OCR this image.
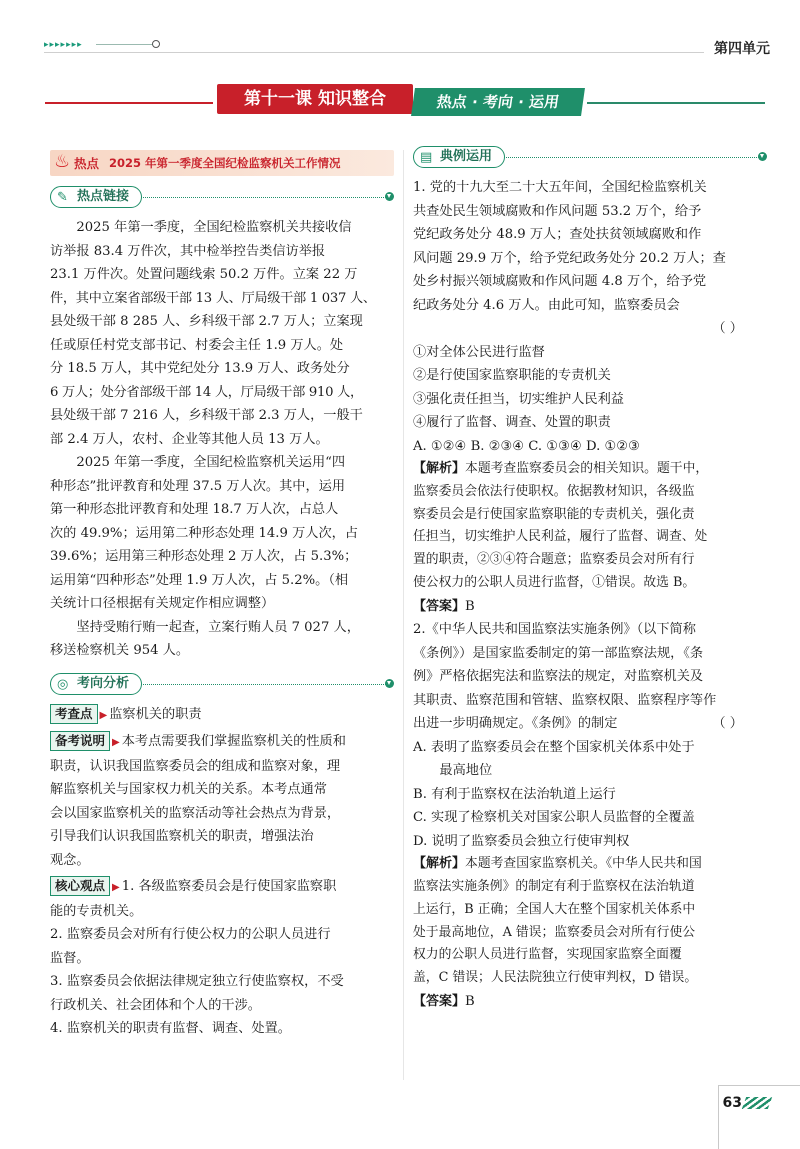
▸▸▸▸▸▸▸	第四单元
第十一课 知识整合	热点 · 考向 · 运用
♨ 热点 2025 年第一季度全国纪检监察机关工作情况
✎ 热点链接
2025 年第一季度，全国纪检监察机关共接收信
访举报 83.4 万件次，其中检举控告类信访举报
23.1 万件次。处置问题线索 50.2 万件。立案 22 万
件，其中立案省部级干部 13 人、厅局级干部 1 037 人、
县处级干部 8 285 人、乡科级干部 2.7 万人；立案现
任或原任村党支部书记、村委会主任 1.9 万人。处
分 18.5 万人，其中党纪处分 13.9 万人、政务处分
6 万人；处分省部级干部 14 人，厅局级干部 910 人，
县处级干部 7 216 人，乡科级干部 2.3 万人，一般干
部 2.4 万人，农村、企业等其他人员 13 万人。
2025 年第一季度，全国纪检监察机关运用“四
种形态”批评教育和处理 37.5 万人次。其中，运用
第一种形态批评教育和处理 18.7 万人次，占总人
次的 49.9%；运用第二种形态处理 14.9 万人次，占
39.6%；运用第三种形态处理 2 万人次，占 5.3%；
运用第“四种形态”处理 1.9 万人次，占 5.2%。（相
关统计口径根据有关规定作相应调整）
坚持受贿行贿一起查，立案行贿人员 7 027 人，
移送检察机关 954 人。
◎ 考向分析
考查点 ▶ 监察机关的职责
备考说明 ▶ 本考点需要我们掌握监察机关的性质和
职责，认识我国监察委员会的组成和监察对象，理
解监察机关与国家权力机关的关系。本考点通常
会以国家监察机关的监察活动等社会热点为背景，
引导我们认识我国监察机关的职责，增强法治
观念。
核心观点 ▶ 1. 各级监察委员会是行使国家监察职
能的专责机关。
2. 监察委员会对所有行使公权力的公职人员进行
监督。
3. 监察委员会依据法律规定独立行使监察权，不受
行政机关、社会团体和个人的干涉。
4. 监察机关的职责有监督、调查、处置。
▤ 典例运用
1. 党的十九大至二十大五年间，全国纪检监察机关
共查处民生领域腐败和作风问题 53.2 万个，给予
党纪政务处分 48.9 万人；查处扶贫领域腐败和作
风问题 29.9 万个，给予党纪政务处分 20.2 万人；查
处乡村振兴领域腐败和作风问题 4.8 万个，给予党
纪政务处分 4.6 万人。由此可知，监察委员会
（ ）
①对全体公民进行监督
②是行使国家监察职能的专责机关
③强化责任担当，切实维护人民利益
④履行了监督、调查、处置的职责
A. ①②④ B. ②③④ C. ①③④ D. ①②③
【解析】本题考查监察委员会的相关知识。题干中，
监察委员会依法行使职权。依据教材知识，各级监
察委员会是行使国家监察职能的专责机关，强化责
任担当，切实维护人民利益，履行了监督、调查、处
置的职责，②③④符合题意；监察委员会对所有行
使公权力的公职人员进行监督，①错误。故选 B。
【答案】B
2.《中华人民共和国监察法实施条例》（以下简称
《条例》）是国家监委制定的第一部监察法规，《条
例》严格依据宪法和监察法的规定，对监察机关及
其职责、监察范围和管辖、监察权限、监察程序等作
出进一步明确规定。《条例》的制定	（ ）
A. 表明了监察委员会在整个国家机关体系中处于
最高地位
B. 有利于监察权在法治轨道上运行
C. 实现了检察机关对国家公职人员监督的全覆盖
D. 说明了监察委员会独立行使审判权
【解析】本题考查国家监察机关。《中华人民共和国
监察法实施条例》的制定有利于监察权在法治轨道
上运行，B 正确；全国人大在整个国家机关体系中
处于最高地位，A 错误；监察委员会对所有行使公
权力的公职人员进行监督，实现国家监察全面覆
盖，C 错误；人民法院独立行使审判权，D 错误。
【答案】B
63
